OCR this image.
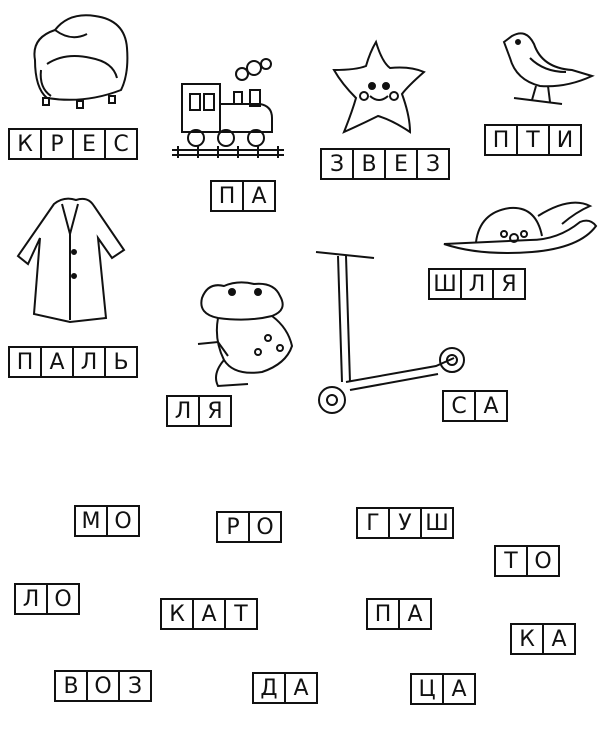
К Р Е С
П А
З В Е З
П Т И
П А Л Ь
Ш Л Я
Л Я	С А
М О	Р О	Г У Ш
Т О
Л О
К А Т	П А
К А
В О З	Д А	Ц А
